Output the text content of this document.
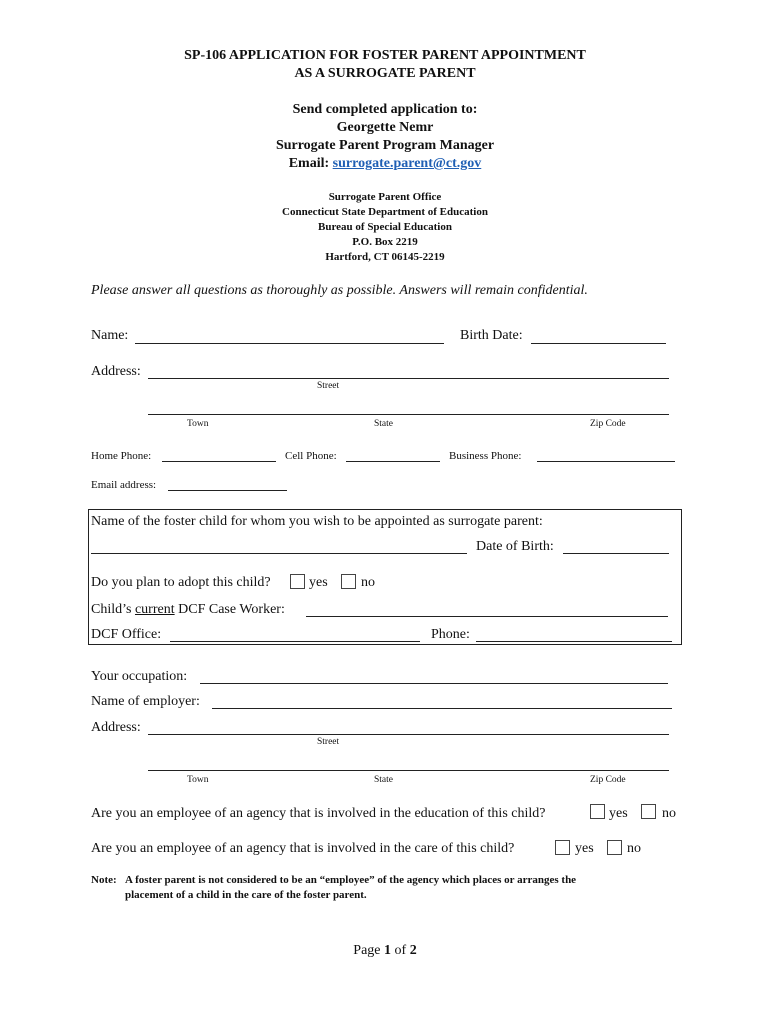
SP-106 APPLICATION FOR FOSTER PARENT APPOINTMENT
AS A SURROGATE PARENT
Send completed application to:
Georgette Nemr
Surrogate Parent Program Manager
Email: surrogate.parent@ct.gov
Surrogate Parent Office
Connecticut State Department of Education
Bureau of Special Education
P.O. Box 2219
Hartford, CT 06145-2219
Please answer all questions as thoroughly as possible. Answers will remain confidential.
Name:	Birth Date:
Address:
Street
Town	State	Zip Code
Home Phone:	Cell Phone:	Business Phone:
Email address:
Name of the foster child for whom you wish to be appointed as surrogate parent:
Date of Birth:
Do you plan to adopt this child?	yes no
Child’s current DCF Case Worker:
DCF Office:	Phone:
Your occupation:
Name of employer:
Address:
Street
Town	State	Zip Code
Are you an employee of an agency that is involved in the education of this child?	yes no
Are you an employee of an agency that is involved in the care of this child?	yes no
Note: A foster parent is not considered to be an “employee” of the agency which places or arranges the
placement of a child in the care of the foster parent.
Page 1 of 2
